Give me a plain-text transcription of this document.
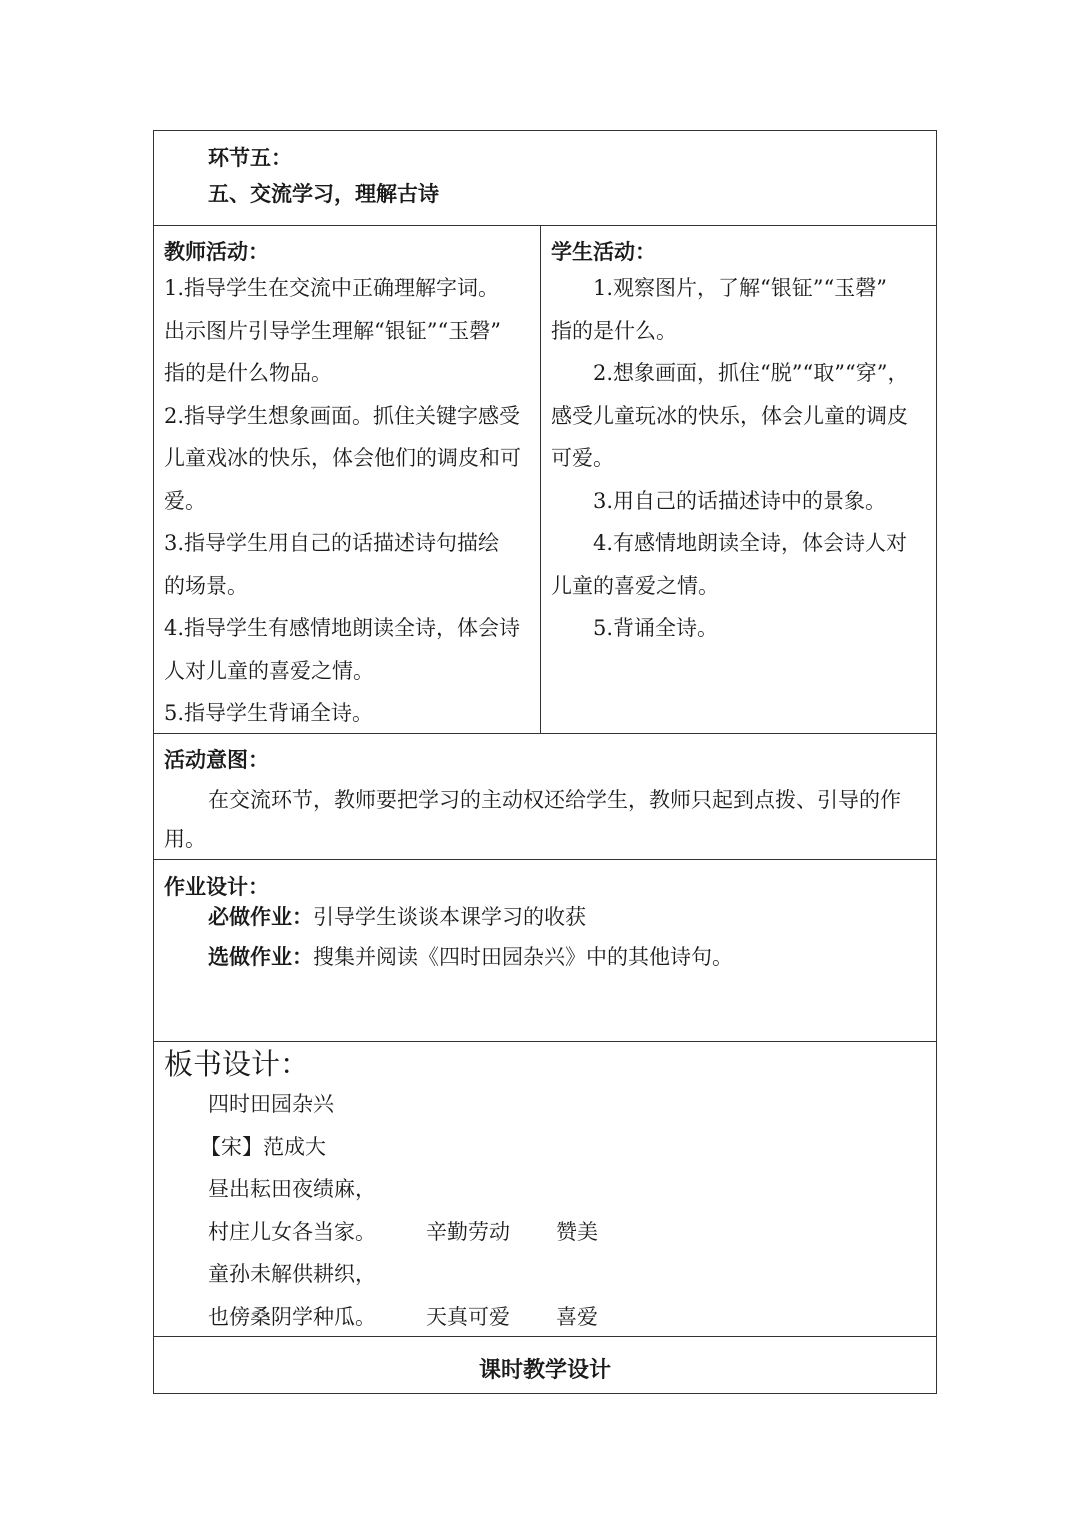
环节五：
五、交流学习，理解古诗
教师活动：
1.指导学生在交流中正确理解字词。
出示图片引导学生理解“银钲”“玉磬”
指的是什么物品。
2.指导学生想象画面。抓住关键字感受
儿童戏冰的快乐，体会他们的调皮和可
爱。
3.指导学生用自己的话描述诗句描绘
的场景。
4.指导学生有感情地朗读全诗，体会诗
人对儿童的喜爱之情。
5.指导学生背诵全诗。
学生活动：
1.观察图片，了解“银钲”“玉磬”
指的是什么。
2.想象画面，抓住“脱”“取”“穿”，
感受儿童玩冰的快乐，体会儿童的调皮
可爱。
3.用自己的话描述诗中的景象。
4.有感情地朗读全诗，体会诗人对
儿童的喜爱之情。
5.背诵全诗。
活动意图：
在交流环节，教师要把学习的主动权还给学生，教师只起到点拨、引导的作
用。
作业设计：
必做作业：引导学生谈谈本课学习的收获
选做作业：搜集并阅读《四时田园杂兴》中的其他诗句。
板书设计：
四时田园杂兴
【宋】范成大
昼出耘田夜绩麻，
村庄儿女各当家。 辛勤劳动 赞美
童孙未解供耕织，
也傍桑阴学种瓜。 天真可爱 喜爱
课时教学设计
